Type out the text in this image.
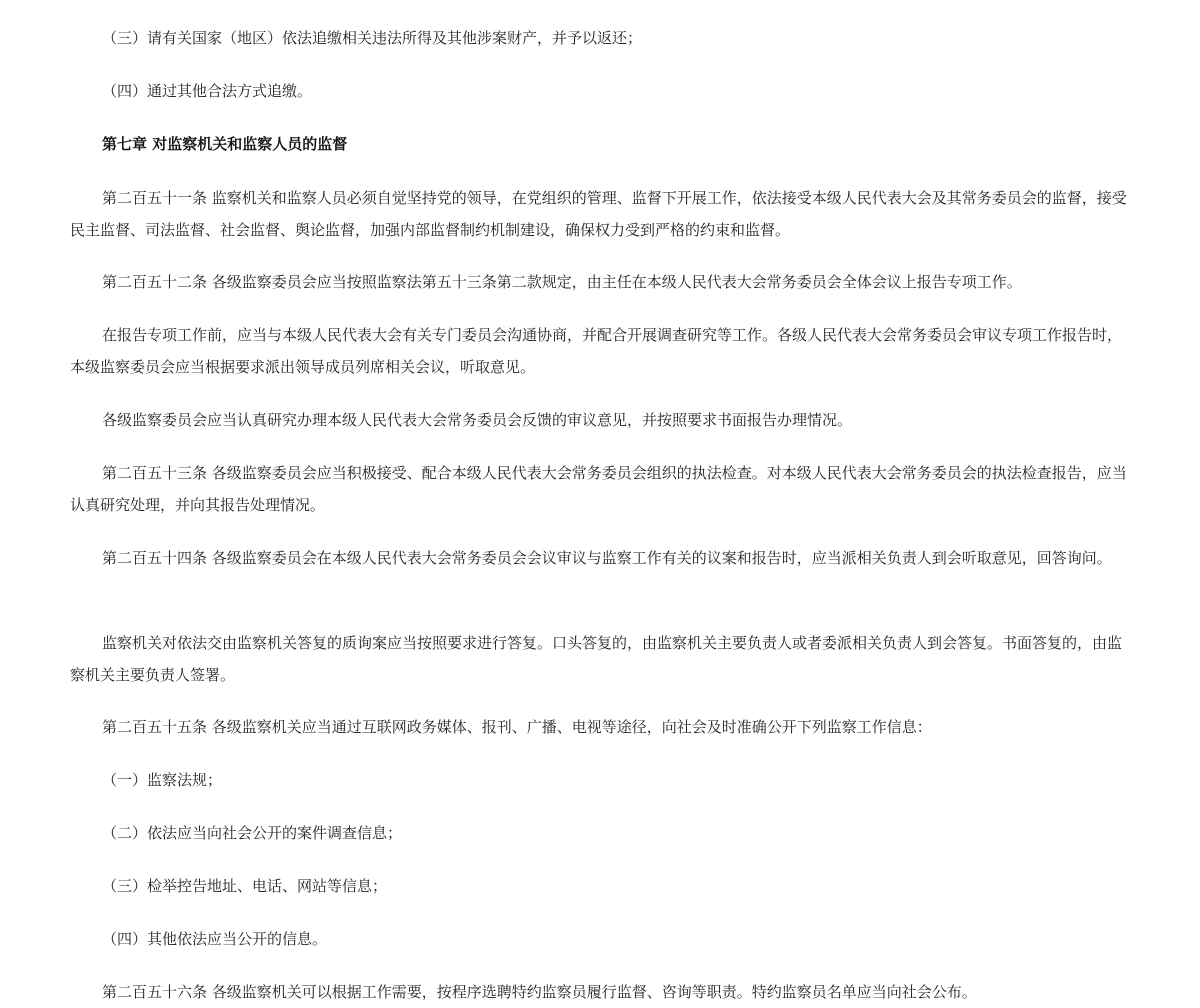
（三）请有关国家（地区）依法追缴相关违法所得及其他涉案财产，并予以返还；

（四）通过其他合法方式追缴。

第七章 对监察机关和监察人员的监督

第二百五十一条 监察机关和监察人员必须自觉坚持党的领导，在党组织的管理、监督下开展工作，依法接受本级人民代表大会及其常务委员会的监督，接受民主监督、司法监督、社会监督、舆论监督，加强内部监督制约机制建设，确保权力受到严格的约束和监督。

第二百五十二条 各级监察委员会应当按照监察法第五十三条第二款规定，由主任在本级人民代表大会常务委员会全体会议上报告专项工作。

在报告专项工作前，应当与本级人民代表大会有关专门委员会沟通协商，并配合开展调查研究等工作。各级人民代表大会常务委员会审议专项工作报告时，本级监察委员会应当根据要求派出领导成员列席相关会议，听取意见。

各级监察委员会应当认真研究办理本级人民代表大会常务委员会反馈的审议意见，并按照要求书面报告办理情况。

第二百五十三条 各级监察委员会应当积极接受、配合本级人民代表大会常务委员会组织的执法检查。对本级人民代表大会常务委员会的执法检查报告，应当认真研究处理，并向其报告处理情况。

第二百五十四条 各级监察委员会在本级人民代表大会常务委员会会议审议与监察工作有关的议案和报告时，应当派相关负责人到会听取意见，回答询问。

监察机关对依法交由监察机关答复的质询案应当按照要求进行答复。口头答复的，由监察机关主要负责人或者委派相关负责人到会答复。书面答复的，由监察机关主要负责人签署。

第二百五十五条 各级监察机关应当通过互联网政务媒体、报刊、广播、电视等途径，向社会及时准确公开下列监察工作信息：

（一）监察法规；

（二）依法应当向社会公开的案件调查信息；

（三）检举控告地址、电话、网站等信息；

（四）其他依法应当公开的信息。

第二百五十六条 各级监察机关可以根据工作需要，按程序选聘特约监察员履行监督、咨询等职责。特约监察员名单应当向社会公布。
